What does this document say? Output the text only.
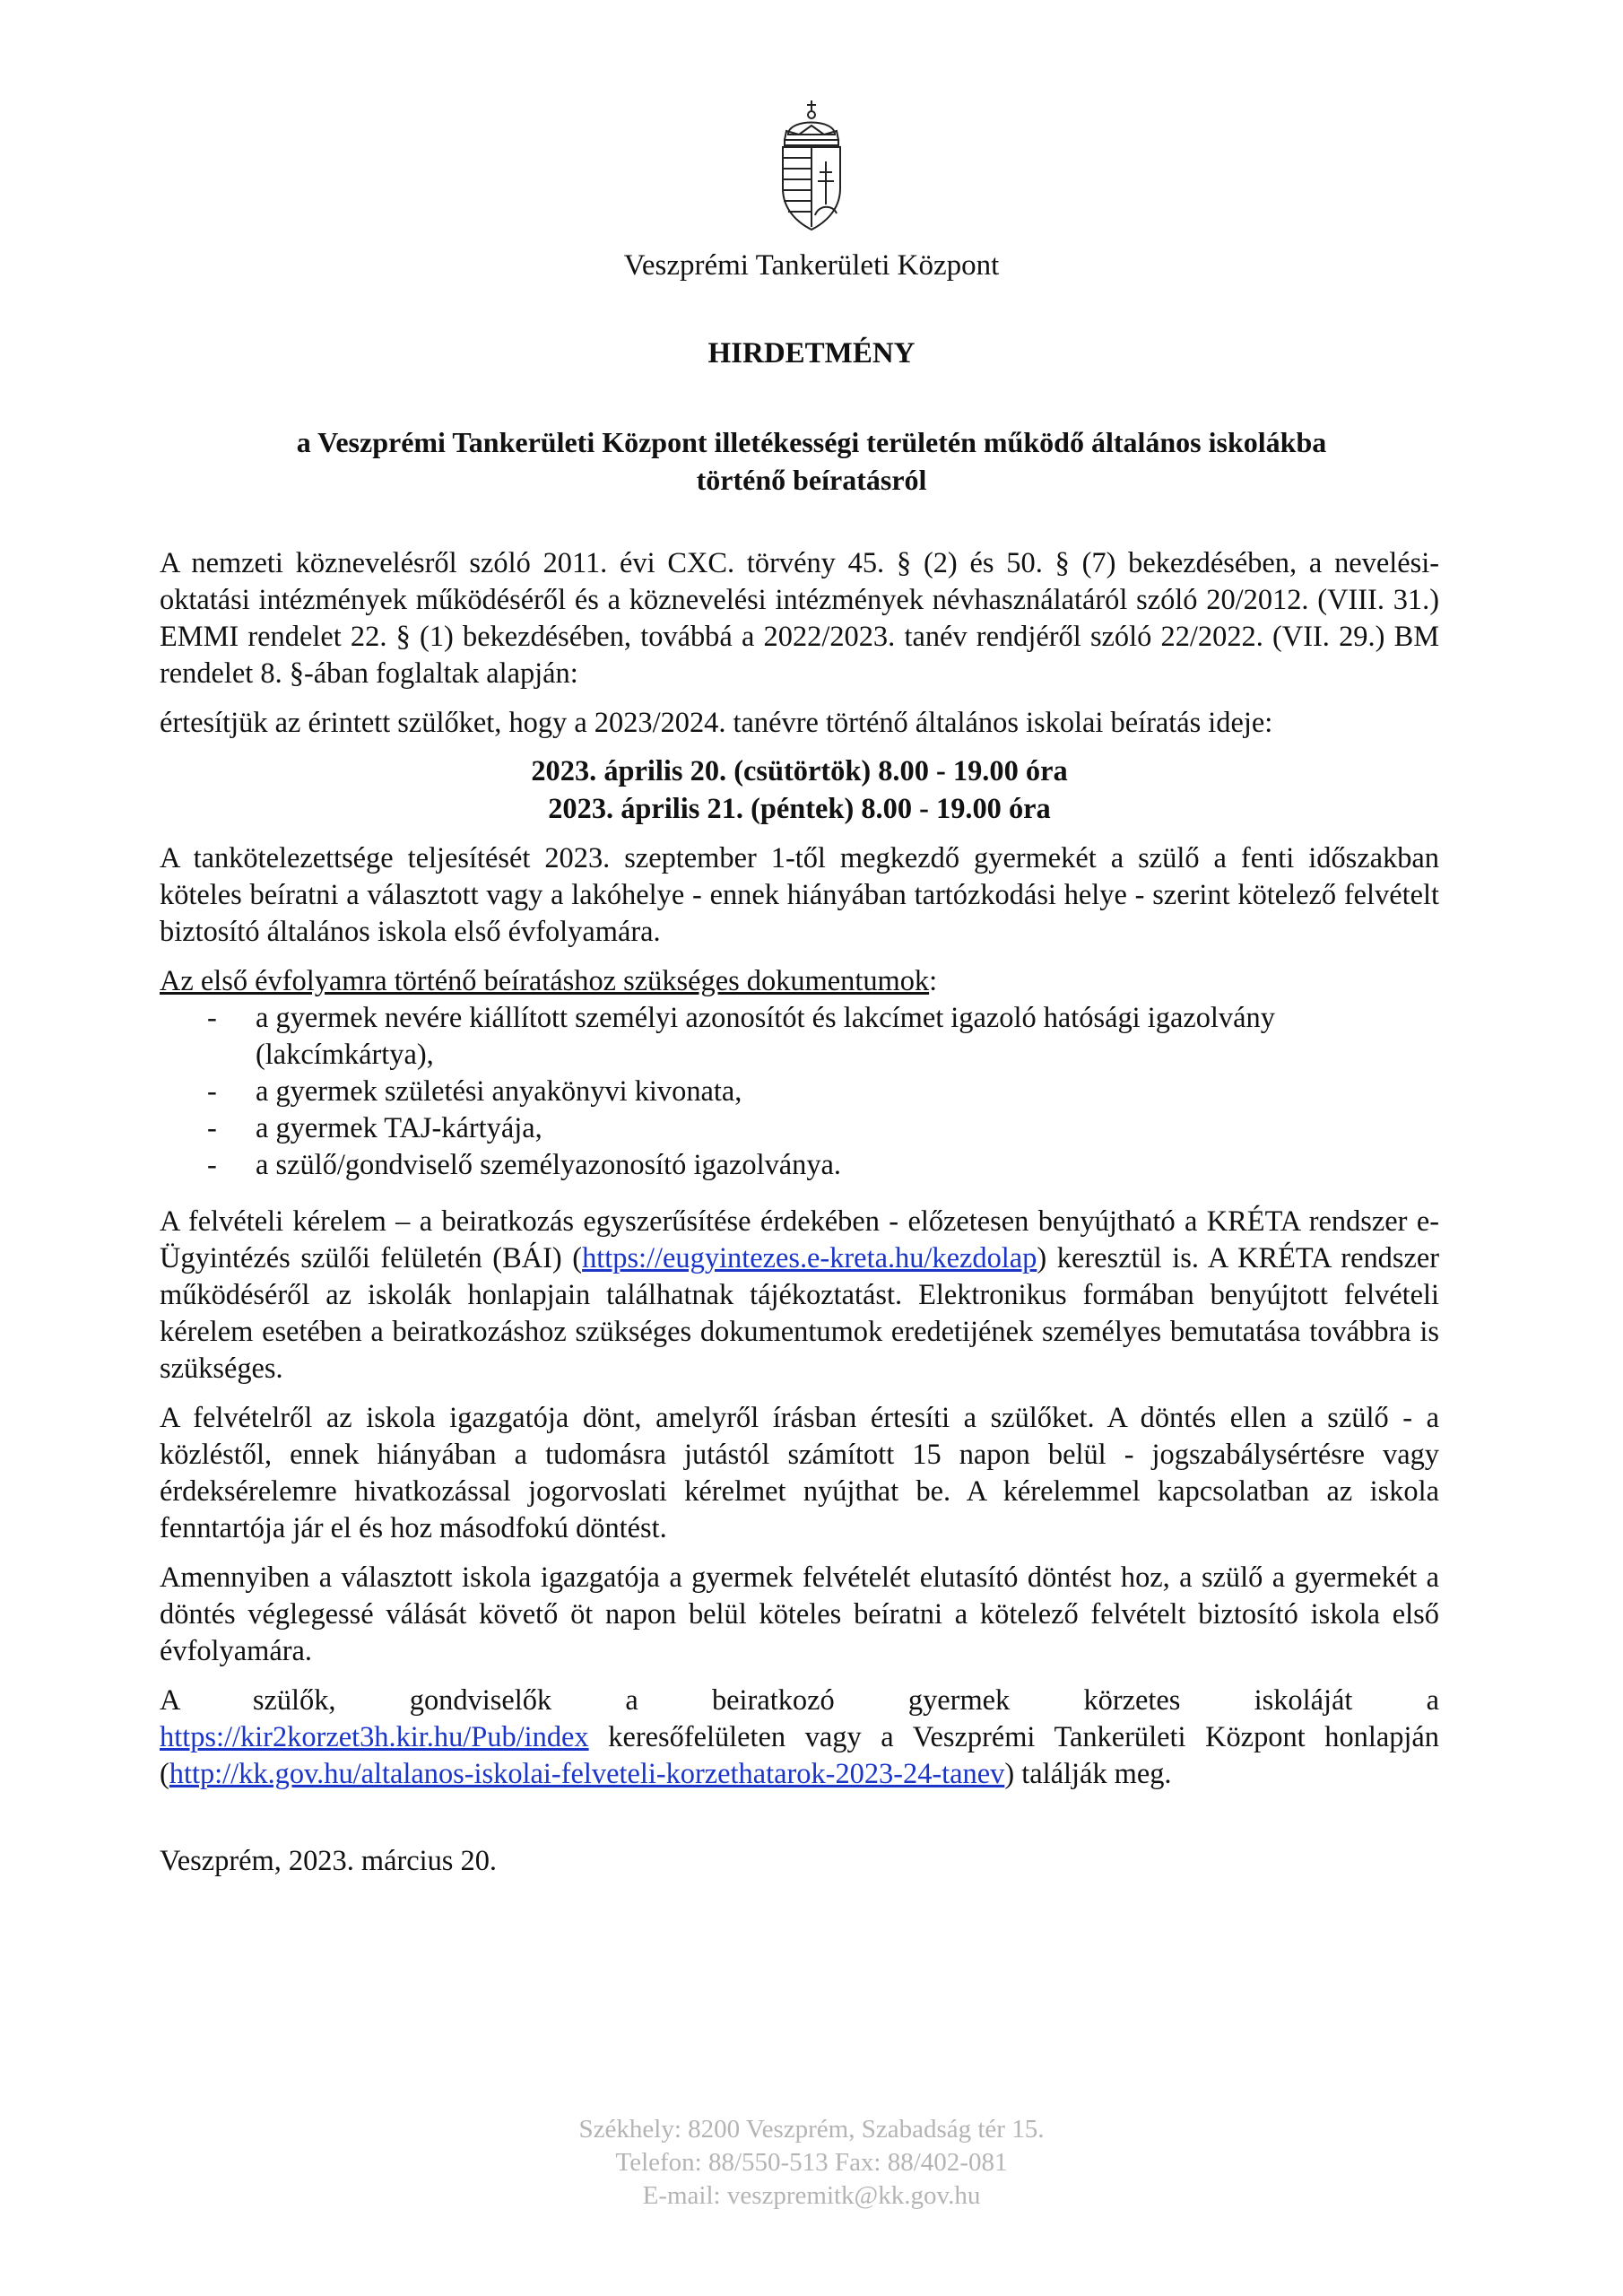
Veszprémi Tankerületi Központ
HIRDETMÉNY
a Veszprémi Tankerületi Központ illetékességi területén működő általános iskolákba
történő beíratásról

A nemzeti köznevelésről szóló 2011. évi CXC. törvény 45. § (2) és 50. § (7) bekezdésében, a nevelési-oktatási intézmények működéséről és a köznevelési intézmények névhasználatáról szóló 20/2012. (VIII. 31.) EMMI rendelet 22. § (1) bekezdésében, továbbá a 2022/2023. tanév rendjéről szóló 22/2022. (VII. 29.) BM rendelet 8. §-ában foglaltak alapján:

értesítjük az érintett szülőket, hogy a 2023/2024. tanévre történő általános iskolai beíratás ideje:

2023. április 20. (csütörtök) 8.00 - 19.00 óra
2023. április 21. (péntek) 8.00 - 19.00 óra

A tankötelezettsége teljesítését 2023. szeptember 1-től megkezdő gyermekét a szülő a fenti időszakban köteles beíratni a választott vagy a lakóhelye - ennek hiányában tartózkodási helye - szerint kötelező felvételt biztosító általános iskola első évfolyamára.

Az első évfolyamra történő beíratáshoz szükséges dokumentumok:

- a gyermek nevére kiállított személyi azonosítót és lakcímet igazoló hatósági igazolvány (lakcímkártya),
- a gyermek születési anyakönyvi kivonata,
- a gyermek TAJ-kártyája,
- a szülő/gondviselő személyazonosító igazolványa.

A felvételi kérelem – a beiratkozás egyszerűsítése érdekében - előzetesen benyújtható a KRÉTA rendszer e-Ügyintézés szülői felületén (BÁI) (https://eugyintezes.e-kreta.hu/kezdolap) keresztül is. A KRÉTA rendszer működéséről az iskolák honlapjain találhatnak tájékoztatást. Elektronikus formában benyújtott felvételi kérelem esetében a beiratkozáshoz szükséges dokumentumok eredetijének személyes bemutatása továbbra is szükséges.

A felvételről az iskola igazgatója dönt, amelyről írásban értesíti a szülőket. A döntés ellen a szülő - a közléstől, ennek hiányában a tudomásra jutástól számított 15 napon belül - jogszabálysértésre vagy érdeksérelemre hivatkozással jogorvoslati kérelmet nyújthat be. A kérelemmel kapcsolatban az iskola fenntartója jár el és hoz másodfokú döntést.

Amennyiben a választott iskola igazgatója a gyermek felvételét elutasító döntést hoz, a szülő a gyermekét a döntés véglegessé válását követő öt napon belül köteles beíratni a kötelező felvételt biztosító iskola első évfolyamára.

A szülők, gondviselők a beiratkozó gyermek körzetes iskoláját a
https://kir2korzet3h.kir.hu/Pub/index keresőfelületen vagy a Veszprémi Tankerületi Központ honlapján (http://kk.gov.hu/altalanos-iskolai-felveteli-korzethatarok-2023-24-tanev) találják meg.

Veszprém, 2023. március 20.

Székhely: 8200 Veszprém, Szabadság tér 15.
Telefon: 88/550-513 Fax: 88/402-081
E-mail: veszpremitk@kk.gov.hu
